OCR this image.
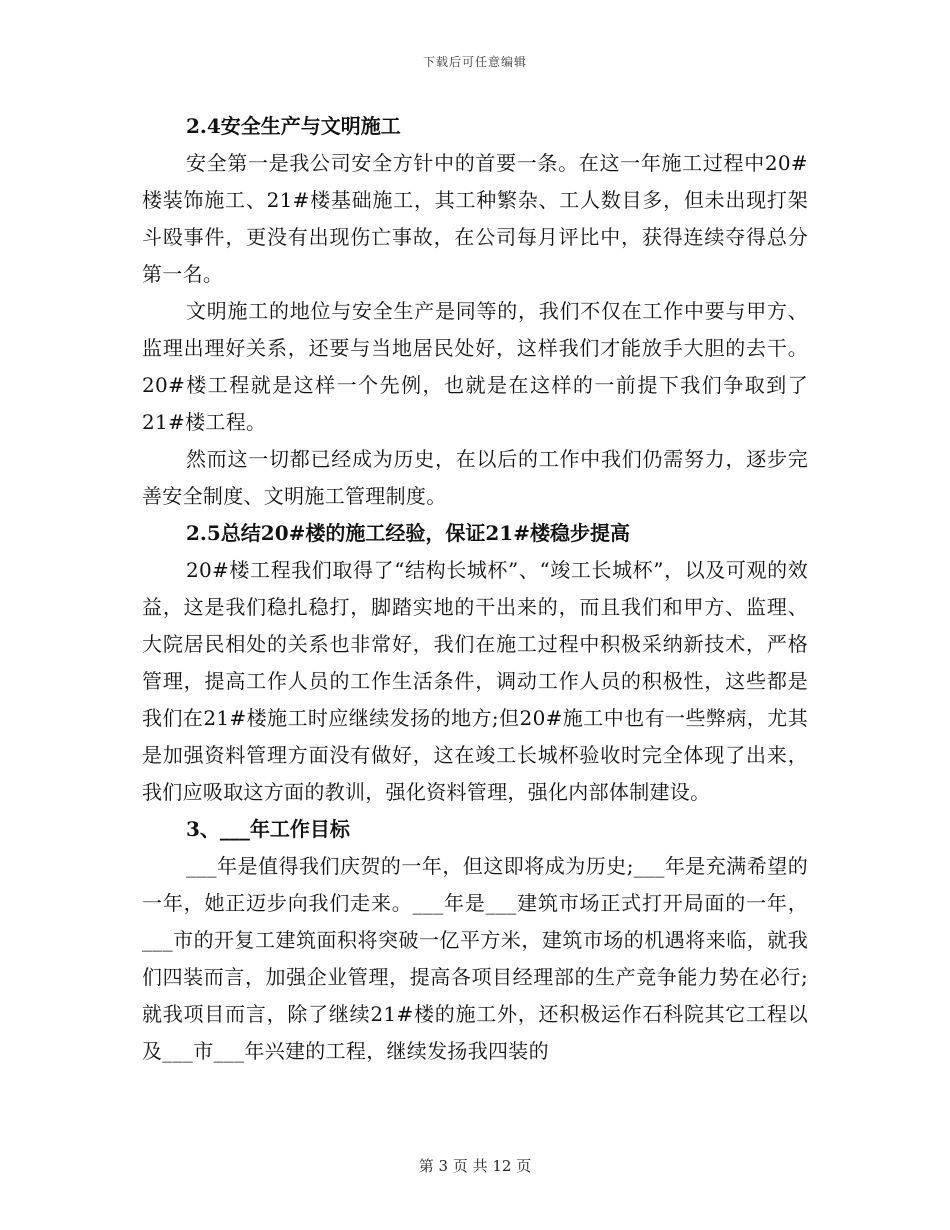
下载后可任意编辑
2.4安全生产与文明施工

安全第一是我公司安全方针中的首要一条。在这一年施工过程中20#楼装饰施工、21#楼基础施工，其工种繁杂、工人数目多，但未出现打架斗殴事件，更没有出现伤亡事故，在公司每月评比中，获得连续夺得总分第一名。

文明施工的地位与安全生产是同等的，我们不仅在工作中要与甲方、监理出理好关系，还要与当地居民处好，这样我们才能放手大胆的去干。20#楼工程就是这样一个先例，也就是在这样的一前提下我们争取到了21#楼工程。

然而这一切都已经成为历史，在以后的工作中我们仍需努力，逐步完善安全制度、文明施工管理制度。

2.5总结20#楼的施工经验，保证21#楼稳步提高

20#楼工程我们取得了“结构长城杯”、“竣工长城杯”，以及可观的效益，这是我们稳扎稳打，脚踏实地的干出来的，而且我们和甲方、监理、大院居民相处的关系也非常好，我们在施工过程中积极采纳新技术，严格管理，提高工作人员的工作生活条件，调动工作人员的积极性，这些都是我们在21#楼施工时应继续发扬的地方;但20#施工中也有一些弊病，尤其是加强资料管理方面没有做好，这在竣工长城杯验收时完全体现了出来，我们应吸取这方面的教训，强化资料管理，强化内部体制建设。

3、___年工作目标

___年是值得我们庆贺的一年，但这即将成为历史;___年是充满希望的一年，她正迈步向我们走来。___年是___建筑市场正式打开局面的一年，___市的开复工建筑面积将突破一亿平方米，建筑市场的机遇将来临，就我们四装而言，加强企业管理，提高各项目经理部的生产竞争能力势在必行;就我项目而言，除了继续21#楼的施工外，还积极运作石科院其它工程以及___市___年兴建的工程，继续发扬我四装的

第 3 页 共 12 页
